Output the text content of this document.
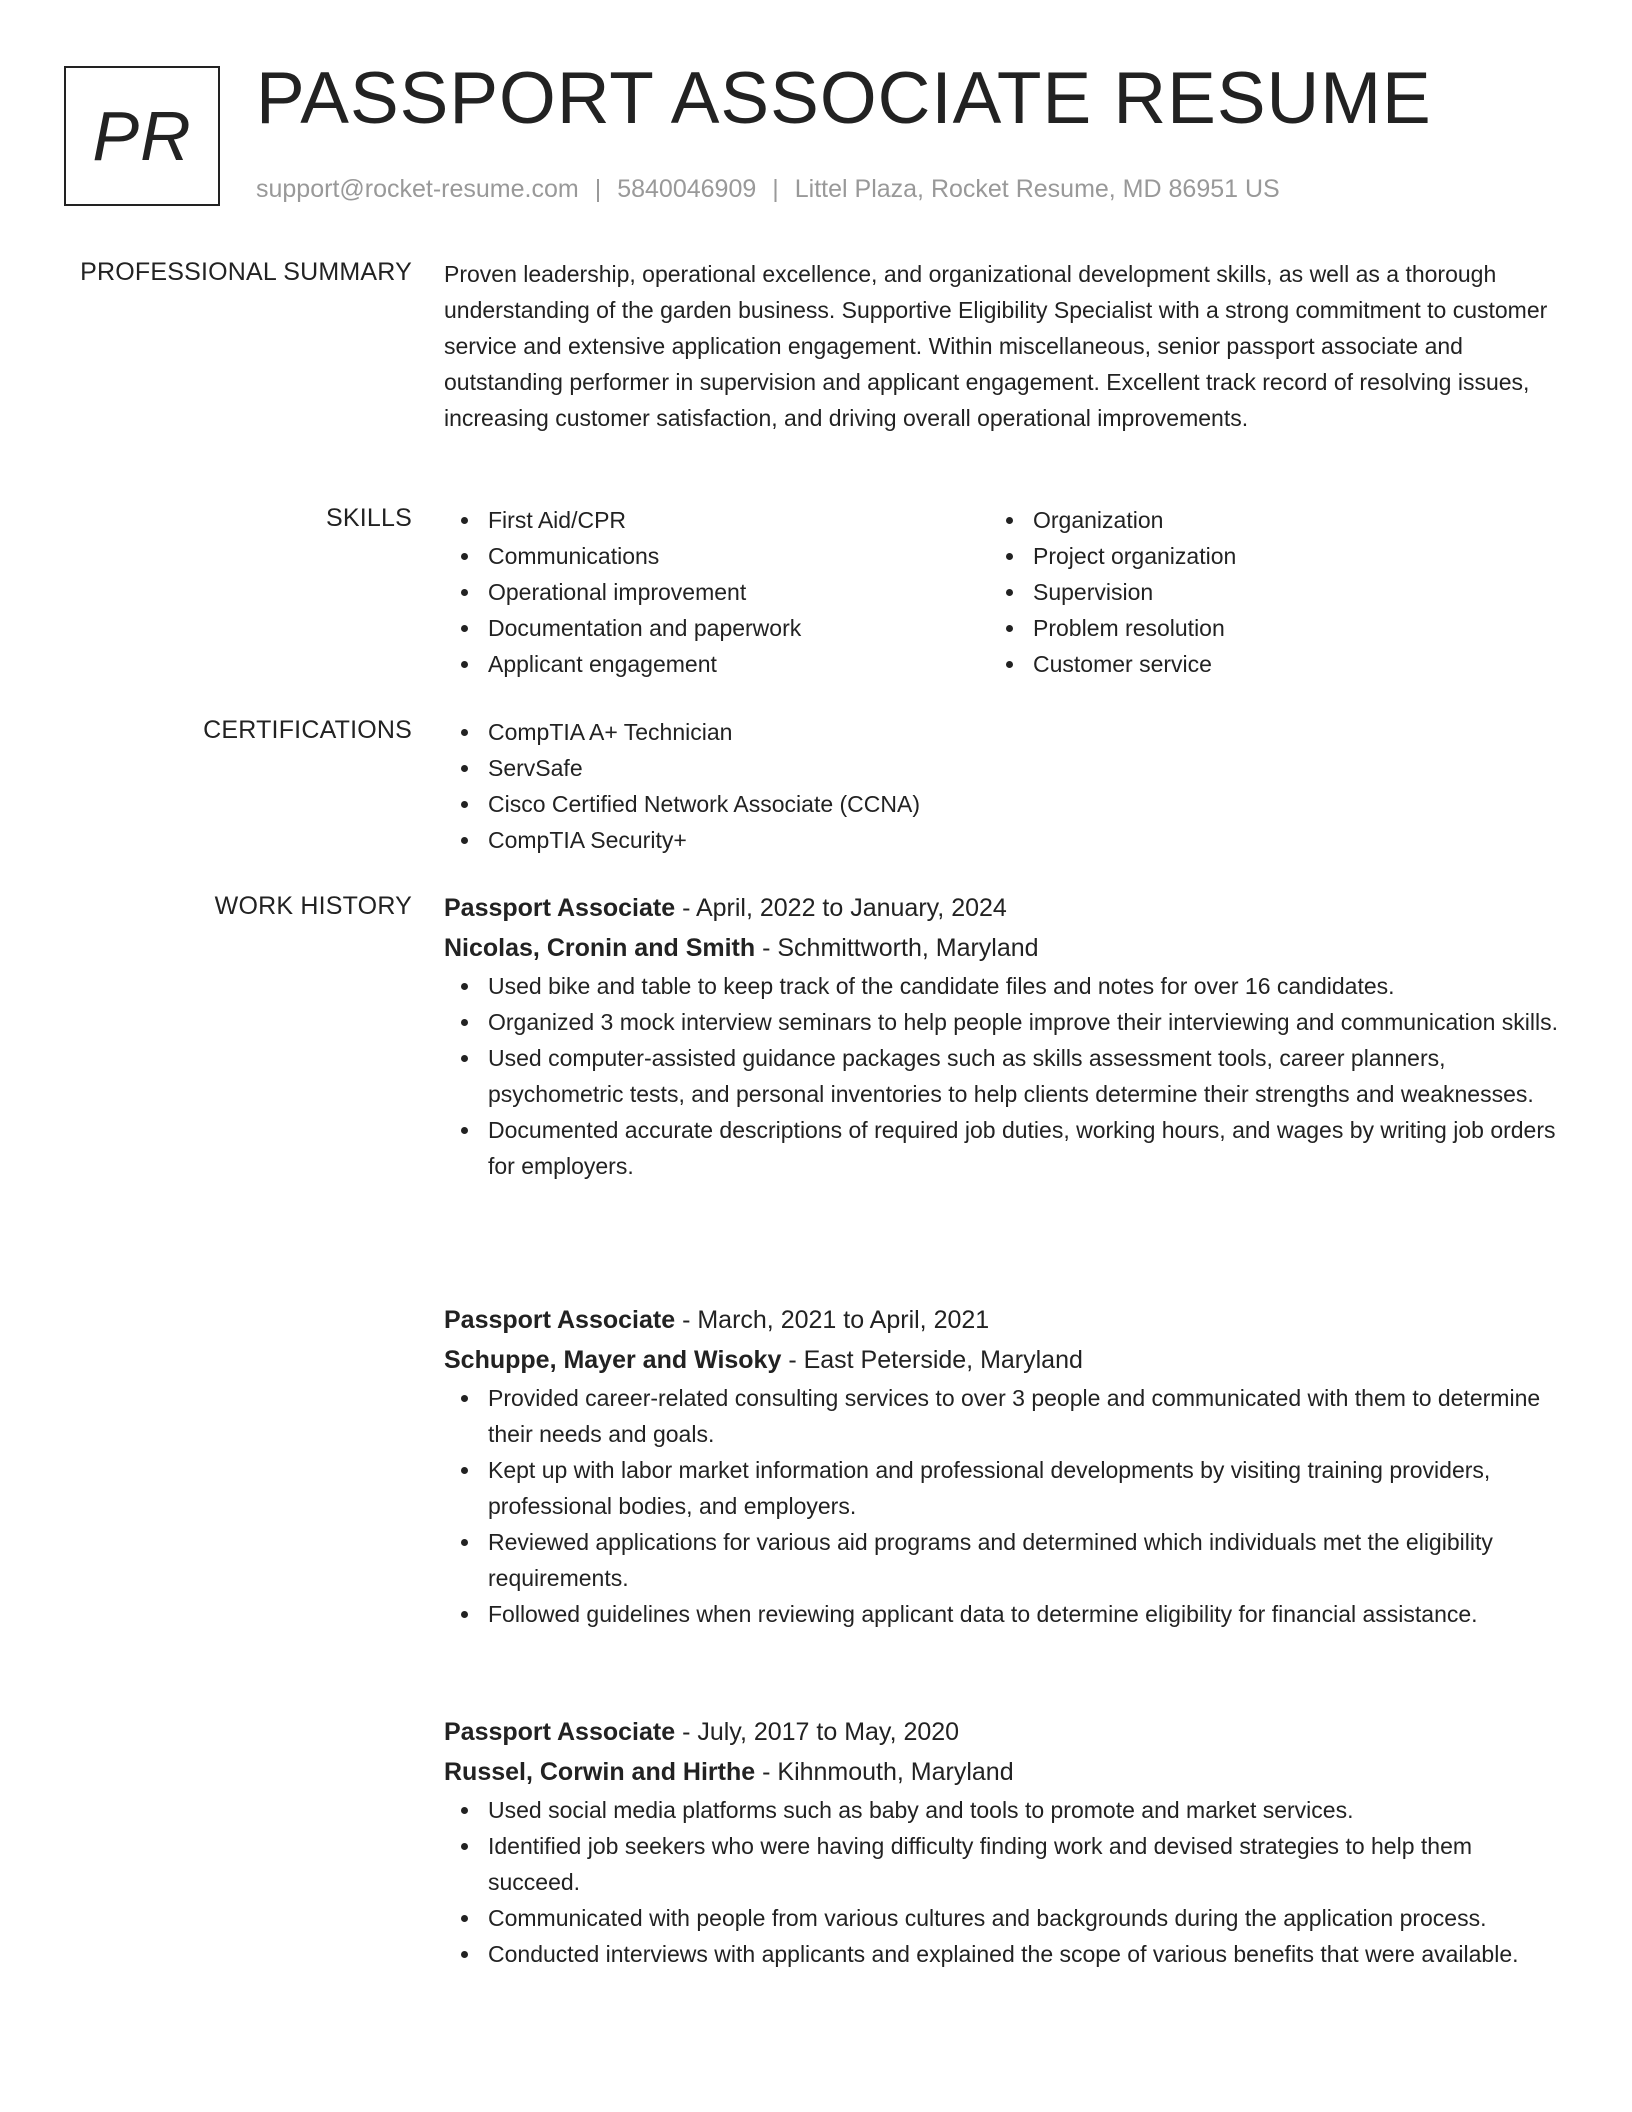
PR PASSPORT ASSOCIATE RESUME
support@rocket-resume.com | 5840046909 | Littel Plaza, Rocket Resume, MD 86951 US
PROFESSIONAL SUMMARY Proven leadership, operational excellence, and organizational development skills, as well as a thorough understanding of the garden business. Supportive Eligibility Specialist with a strong commitment to customer service and extensive application engagement. Within miscellaneous, senior passport associate and outstanding performer in supervision and applicant engagement. Excellent track record of resolving issues, increasing customer satisfaction, and driving overall operational improvements.

SKILLS	First Aid/CPR
Communications
Operational improvement
Documentation and paperwork
Applicant engagement
Organization
Project organization
Supervision
Problem resolution
Customer service
CERTIFICATIONS	CompTIA A+ Technician
ServSafe
Cisco Certified Network Associate (CCNA)
CompTIA Security+
WORK HISTORY Passport Associate - April, 2022 to January, 2024
Nicolas, Cronin and Smith - Schmittworth, Maryland
Used bike and table to keep track of the candidate files and notes for over 16 candidates.
Organized 3 mock interview seminars to help people improve their interviewing and communication skills.
Used computer-assisted guidance packages such as skills assessment tools, career planners, psychometric tests, and personal inventories to help clients determine their strengths and weaknesses.
Documented accurate descriptions of required job duties, working hours, and wages by writing job orders for employers.
Passport Associate - March, 2021 to April, 2021
Schuppe, Mayer and Wisoky - East Peterside, Maryland
Provided career-related consulting services to over 3 people and communicated with them to determine their needs and goals.
Kept up with labor market information and professional developments by visiting training providers, professional bodies, and employers.
Reviewed applications for various aid programs and determined which individuals met the eligibility requirements.
Followed guidelines when reviewing applicant data to determine eligibility for financial assistance.
Passport Associate - July, 2017 to May, 2020
Russel, Corwin and Hirthe - Kihnmouth, Maryland
Used social media platforms such as baby and tools to promote and market services.
Identified job seekers who were having difficulty finding work and devised strategies to help them succeed.
Communicated with people from various cultures and backgrounds during the application process.
Conducted interviews with applicants and explained the scope of various benefits that were available.
